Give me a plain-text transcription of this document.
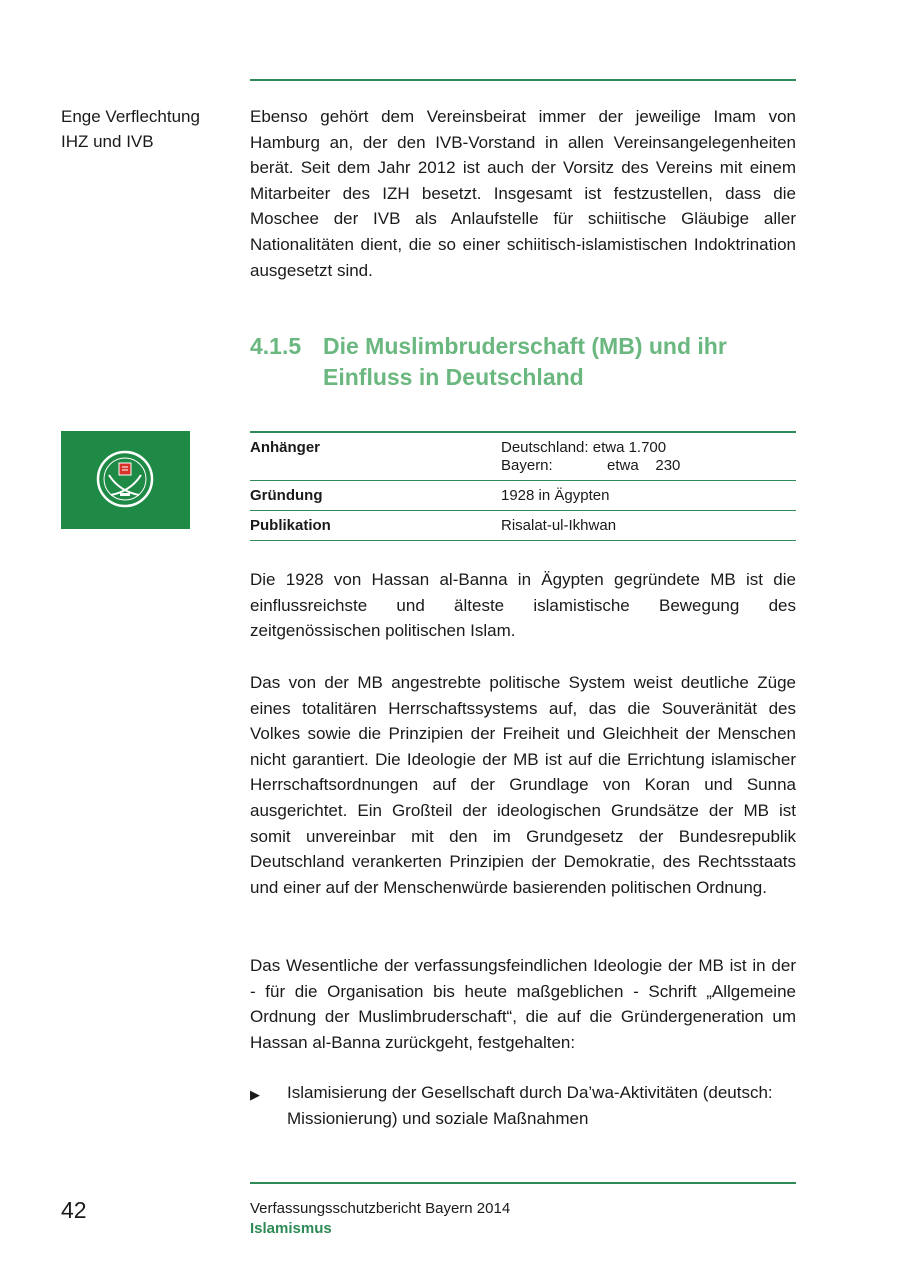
Enge Verflechtung
IHZ und IVB

Ebenso gehört dem Vereinsbeirat immer der jeweilige Imam von Hamburg an, der den IVB-Vorstand in allen Vereinsangelegenheiten berät. Seit dem Jahr 2012 ist auch der Vorsitz des Vereins mit einem Mitarbeiter des IZH besetzt. Insgesamt ist festzustellen, dass die Moschee der IVB als Anlaufstelle für schiitische Gläubige aller Nationalitäten dient, die so einer schiitisch-islamistischen Indoktrination ausgesetzt sind.

4.1.5 Die Muslimbruderschaft (MB) und ihr Einfluss in Deutschland
Anhänger	Deutschland: etwa 1.700
Bayern: etwa    230

Gründung	1928 in Ägypten
Publikation	Risalat-ul-Ikhwan

Die 1928 von Hassan al-Banna in Ägypten gegründete MB ist die einflussreichste und älteste islamistische Bewegung des zeitgenössischen politischen Islam.

Das von der MB angestrebte politische System weist deutliche Züge eines totalitären Herrschaftssystems auf, das die Souveränität des Volkes sowie die Prinzipien der Freiheit und Gleichheit der Menschen nicht garantiert. Die Ideologie der MB ist auf die Errichtung islamischer Herrschaftsordnungen auf der Grundlage von Koran und Sunna ausgerichtet. Ein Großteil der ideologischen Grundsätze der MB ist somit unvereinbar mit den im Grundgesetz der Bundesrepublik Deutschland verankerten Prinzipien der Demokratie, des Rechtsstaats und einer auf der Menschenwürde basierenden politischen Ordnung.

Das Wesentliche der verfassungsfeindlichen Ideologie der MB ist in der - für die Organisation bis heute maßgeblichen - Schrift „Allgemeine Ordnung der Muslimbruderschaft“, die auf die Gründergeneration um Hassan al-Banna zurückgeht, festgehalten:

▶	Islamisierung der Gesellschaft durch Da’wa-Aktivitäten (deutsch: Missionierung) und soziale Maßnahmen
42	Verfassungsschutzbericht Bayern 2014
Islamismus
